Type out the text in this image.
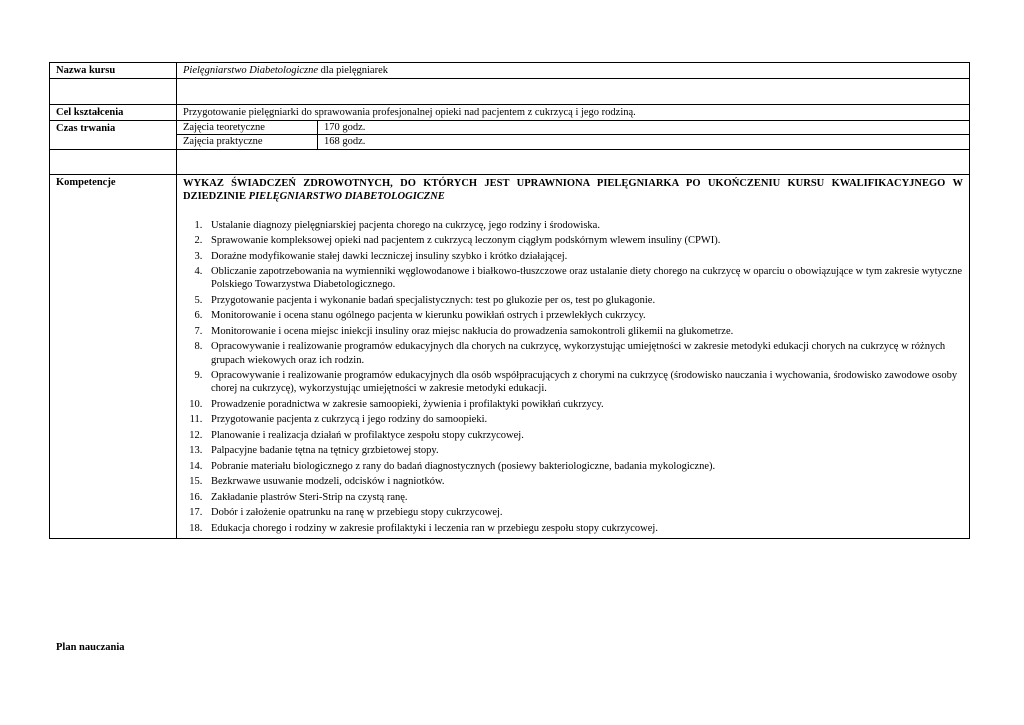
Nazwa kursu	Pielęgniarstwo Diabetologiczne dla pielęgniarek

Cel kształcenia	Przygotowanie pielęgniarki do sprawowania profesjonalnej opieki nad pacjentem z cukrzycą i jego rodziną.
Czas trwania		Zajęcia teoretyczne	170 godz.
Zajęcia praktyczne	168 godz.

Kompetencje	WYKAZ ŚWIADCZEŃ ZDROWOTNYCH, DO KTÓRYCH JEST UPRAWNIONA PIELĘGNIARKA PO UKOŃCZENIU KURSU KWALIFIKACYJNEGO W DZIEDZINIE PIELĘGNIARSTWO DIABETOLOGICZNE
1. Ustalanie diagnozy pielęgniarskiej pacjenta chorego na cukrzycę, jego rodziny i środowiska.
2. Sprawowanie kompleksowej opieki nad pacjentem z cukrzycą leczonym ciągłym podskórnym wlewem insuliny (CPWI).
3. Doraźne modyfikowanie stałej dawki leczniczej insuliny szybko i krótko działającej.
4. Obliczanie zapotrzebowania na wymienniki węglowodanowe i białkowo-tłuszczowe oraz ustalanie diety chorego na cukrzycę w oparciu o obowiązujące w tym zakresie wytyczne Polskiego Towarzystwa Diabetologicznego.
5. Przygotowanie pacjenta i wykonanie badań specjalistycznych: test po glukozie per os, test po glukagonie.
6. Monitorowanie i ocena stanu ogólnego pacjenta w kierunku powikłań ostrych i przewlekłych cukrzycy.
7. Monitorowanie i ocena miejsc iniekcji insuliny oraz miejsc nakłucia do prowadzenia samokontroli glikemii na glukometrze.
8. Opracowywanie i realizowanie programów edukacyjnych dla chorych na cukrzycę, wykorzystując umiejętności w zakresie metodyki edukacji chorych na cukrzycę w różnych grupach wiekowych oraz ich rodzin.
9. Opracowywanie i realizowanie programów edukacyjnych dla osób współpracujących z chorymi na cukrzycę (środowisko nauczania i wychowania, środowisko zawodowe osoby chorej na cukrzycę), wykorzystując umiejętności w zakresie metodyki edukacji.
10. Prowadzenie poradnictwa w zakresie samoopieki, żywienia i profilaktyki powikłań cukrzycy.
11. Przygotowanie pacjenta z cukrzycą i jego rodziny do samoopieki.
12. Planowanie i realizacja działań w profilaktyce zespołu stopy cukrzycowej.
13. Palpacyjne badanie tętna na tętnicy grzbietowej stopy.
14. Pobranie materiału biologicznego z rany do badań diagnostycznych (posiewy bakteriologiczne, badania mykologiczne).
15. Bezkrwawe usuwanie modzeli, odcisków i nagniotków.
16. Zakładanie plastrów Steri-Strip na czystą ranę.
17. Dobór i założenie opatrunku na ranę w przebiegu stopy cukrzycowej.
18. Edukacja chorego i rodziny w zakresie profilaktyki i leczenia ran w przebiegu zespołu stopy cukrzycowej.
Plan nauczania
